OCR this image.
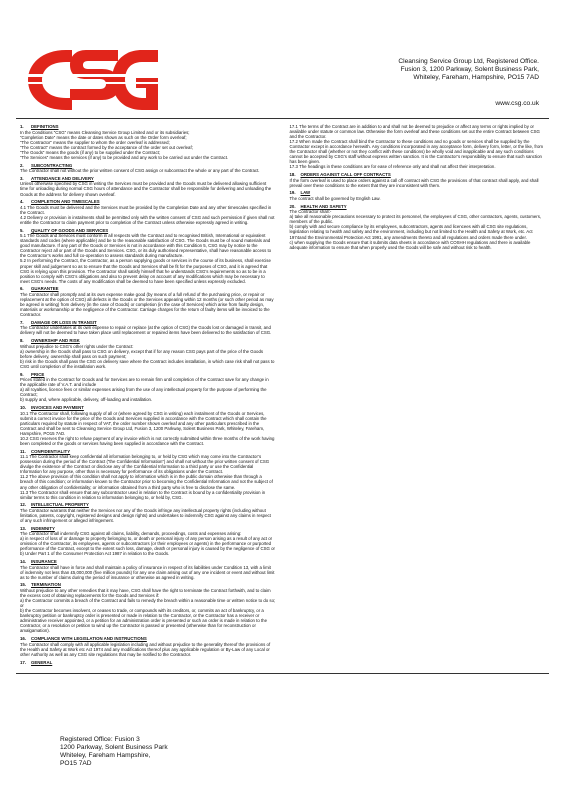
Cleansing Service Group Ltd, Registered Office.
Fusion 3, 1200 Parkway, Solent Business Park,
Whiteley, Fareham, Hampshire, PO15 7AD
www.csg.co.uk
1. DEFINITIONS
In the Conditions “CSG” means Cleansing Service Group Limited and or its subsidiaries;
“Completion Date” means the date or dates shown as such on the Order form overleaf;
“The Contractor” means the supplier to whom the order overleaf is addressed;
“The Contract” means the contract formed by the acceptance of the order set out overleaf;
“The Goods” means the goods (if any) to be supplied under the Contract;
“The Services” means the services (if any) to be provided and any work to be carried out under the Contract.
2. SUBCONTRACTING
The Contractor shall not without the prior written consent of CSG assign or subcontract the whole or any part of the Contract.
3. ATTENDANCE AND DELIVERY
Unless otherwise specified by CSG in writing the Services must be provided and the Goods must be delivered allowing sufficient time for unloading during normal CSG hours of attendance and the Contractor shall be responsible for delivering and unloading the Goods at the address for delivery shown overleaf.
4. COMPLETION AND TIMESCALES
4.1 The Goods must be delivered and the Services must be provided by the Completion Date and any other timescales specified in the Contract.
4.2 Delivery or provision in instalments shall be permitted only with the written consent of CSG and such permission if given shall not entitle the Contractor to claim payment prior to completion of the Contract unless otherwise expressly agreed in writing.
5. QUALITY OF GOODS AND SERVICES
5.1 The Goods and Services must conform in all respects with the Contract and to recognised British, International or equivalent standards and codes (where applicable) and be to the reasonable satisfaction of CSG. The Goods must be of sound materials and good manufacture. If any part of the Goods or Services is not in accordance with this Condition 5, CSG may by notice to the Contractor reject all or part of the Goods and Services. CSG, or its duly authorised representative, shall have reasonable access to the Contractor’s works and full co-operation to assess standards during manufacture.
5.2 In performing the Contract, the Contractor, as a person supplying goods or services in the course of its business, shall exercise proper skill and judgement so as to ensure that the Goods and Services shall be fit for the purposes of CSG, and it is agreed that CSG is relying upon this provision. The Contractor shall satisfy himself that he understands CSG’s requirements so as to be in a position to comply with CSG’s obligations and also to prevent delay on account of any modifications which may be necessary to meet CSG’s needs. The costs of any modification shall be deemed to have been specified unless expressly excluded.
6. GUARANTEE
The Contractor shall promptly and at its own expense make good (by means of a full refund of the purchasing price, or repair or replacement at the option of CSG) all defects in the Goods or the Services appearing within 12 months (or such other period as may be agreed in writing) from delivery (in the case of Goods) or completion (in the case of Services) which arise from faulty design, materials or workmanship or the negligence of the Contractor. Carriage charges for the return of faulty items will be invoiced to the Contractor.
7. DAMAGE OR LOSS IN TRANSIT
The Contractor undertakes at its own expense to repair or replace (at the option of CSG) the Goods lost or damaged in transit, and delivery will not be deemed to have taken place until replacement or repaired items have been delivered to the satisfaction of CSG.
8. OWNERSHIP AND RISK
Without prejudice to CSG’s other rights under the Contract:
a) ownership in the Goods shall pass to CSG on delivery, except that if for any reason CSG pays part of the price of the Goods before delivery, ownership shall pass on such payment;
b) risk in the Goods shall pass the CSG on delivery save where the Contract includes installation, in which case risk shall not pass to CSG until completion of the installation work.
9. PRICE
Prices stated in the Contract for Goods and for Services are to remain firm until completion of the Contract save for any change in the applicable rate of V.A.T. and include
a) all royalties, licence fees or similar expenses arising from the use of any intellectual property for the purpose of performing the Contract;
b) supply and, where applicable, delivery, off-loading and installation.
10. INVOICES AND PAYMENT
10.1 The Contractor shall, following supply of all or (where agreed by CSG in writing) each instalment of the Goods or Services, submit a correct invoice for the price of the Goods and Services supplied in accordance with the Contract which shall contain the particulars required by statute in respect of VAT, the order number shown overleaf and any other particulars prescribed in the Contract and shall be sent to Cleansing Service Group Ltd, Fusion 3, 1200 Parkway, Solent Business Park, Whiteley, Fareham, Hampshire, PO15 7AD.
10.2 CSG reserves the right to refuse payment of any invoice which is not correctly submitted within three months of the work having been completed or the goods or services having been supplied in accordance with the Contract.
11. CONFIDENTIALITY
11.1 The Contractor shall keep confidential all information belonging to, or held by CSG which may come into the Contractor’s possession during the period of the Contract (“the Confidential Information”) and shall not without the prior written consent of CSG divulge the existence of the Contract or disclose any of the Confidential Information to a third party or use the Confidential Information for any purpose, other than is necessary for performance of its obligations under the Contract.
11.2 The above provision of this condition shall not apply to information which is in the public domain otherwise than through a breach of this condition; or information known to the Contractor prior to becoming the Confidential Information and not the subject of any other obligation of confidentiality; or information obtained from a third party who is free to disclose the same.
11.3 The Contractor shall ensure that any subcontractor used in relation to the Contract is bound by a confidentiality provision in similar terms to this condition in relation to information belonging to, or held by, CSG.
12. INTELLECTUAL PROPERTY
The Contractor warrants that neither the Services nor any of the Goods infringe any intellectual property rights (including without limitation, patents, copyright, registered designs and design rights) and undertakes to indemnify CSG against any claims in respect of any such infringement or alleged infringement.
13. INDEMNITY
The Contractor shall indemnify CSG against all claims, liability, demands, proceedings, costs and expenses arising:
a) in respect of loss of or damage to property belonging to, or death or personal injury of any person arising as a result of any act or omission of the Contractor, its employees, agents or subcontractors (or their employees or agents) in the performance or purported performance of the Contract, except to the extent such loss, damage, death or personal injury is caused by the negligence of CSG or
b) Under Part 1 of the Consumer Protection Act 1987 in relation to the Goods.
14. INSURANCE
The Contractor shall have in force and shall maintain a policy of insurance in respect of its liabilities under Condition 13, with a limit of indemnity not less than £5,000,000 (five million pounds) for any one claim arising out of any one incident or event and without limit as to the number of claims during the period of insurance or otherwise as agreed in writing.
15. TERMINATION
Without prejudice to any other remedies that it may have, CSG shall have the right to terminate the Contract forthwith, and to claim the excess cost of obtaining replacements for the Goods and Services if:
a) the Contractor commits a breach of the Contract and fails to remedy the breach within a reasonable time or written notice to do so; or
b) the Contractor becomes insolvent, or ceases to trade, or compounds with its creditors, or, commits an act of bankruptcy, or a bankruptcy petition or bankruptcy order is presented or made in relation to the Contractor, or the Contractor has a receiver or administrative receiver appointed, or a petition for an administration order is presented or such an order is made in relation to the Contractor, or a resolution or petition to wind up the Contractor is passed or presented (otherwise than for reconstruction or amalgamation).
16. COMPLIANCE WITH LEGISLATION AND INSTRUCTIONS
The Contractor shall comply with all applicable legislation including and without prejudice to the generality thereof the provisions of the Health and Safety at Work etc Act 1974 and any modifications thereof plus any applicable regulation or By-Law of any Local or other Authority as well as any CSG site regulations that may be notified to the Contractor.
17. GENERAL
17.1 The terms of the Contract are in addition to and shall not be deemed to prejudice or affect any terms or rights implied by or available under statute or common law. Otherwise the form overleaf and these conditions set out the entire Contract between CSG and the Contractor.
17.2 When made the Contract shall bind the Contractor to these conditions and no goods or services shall be supplied by the Contractor except in accordance herewith. Any conditions incorporated in any acceptance form, delivery form, letter, or the like, from the Contractor shall (whether or not they conflict with these conditions) be wholly void and inapplicable and any such conditions cannot be accepted by CSG’s staff without express written sanction. It is the Contractor’s responsibility to ensure that such sanction has been given.
17.3 The headings in these conditions are for ease of reference only and shall not affect their interpretation.
18. ORDERS AGAINST CALL OFF CONTRACTS
If the form overleaf is used to place orders against a call off contract with CSG the provisions of that contract shall apply, and shall prevail over these conditions to the extent that they are inconsistent with them.
19. LAW
The contract shall be governed by English Law.
20. HEALTH AND SAFETY
The Contractor shall:-
a) take all reasonable precautions necessary to protect its personnel, the employees of CSG, other contractors, agents, customers, members of the public.
b) comply with and secure compliance by its employees, subcontractors, agents and licencees with all CSG site regulations, legislation relating to health and safety and the environment, including but not limited to the Health and Safety at Work, etc. Act 1974and the Environmental Protection Act 1991, any amendments thereto and all regulations and orders made there under.
c) when supplying the Goods ensure that it submits data sheets in accordance with COSHH regulations and there is available adequate information to ensure that when properly used the Goods will be safe and without risk to health.
Registered Office: Fusion 3
1200 Parkway, Solent Business Park
Whiteley, Fareham Hampshire,
PO15 7AD
